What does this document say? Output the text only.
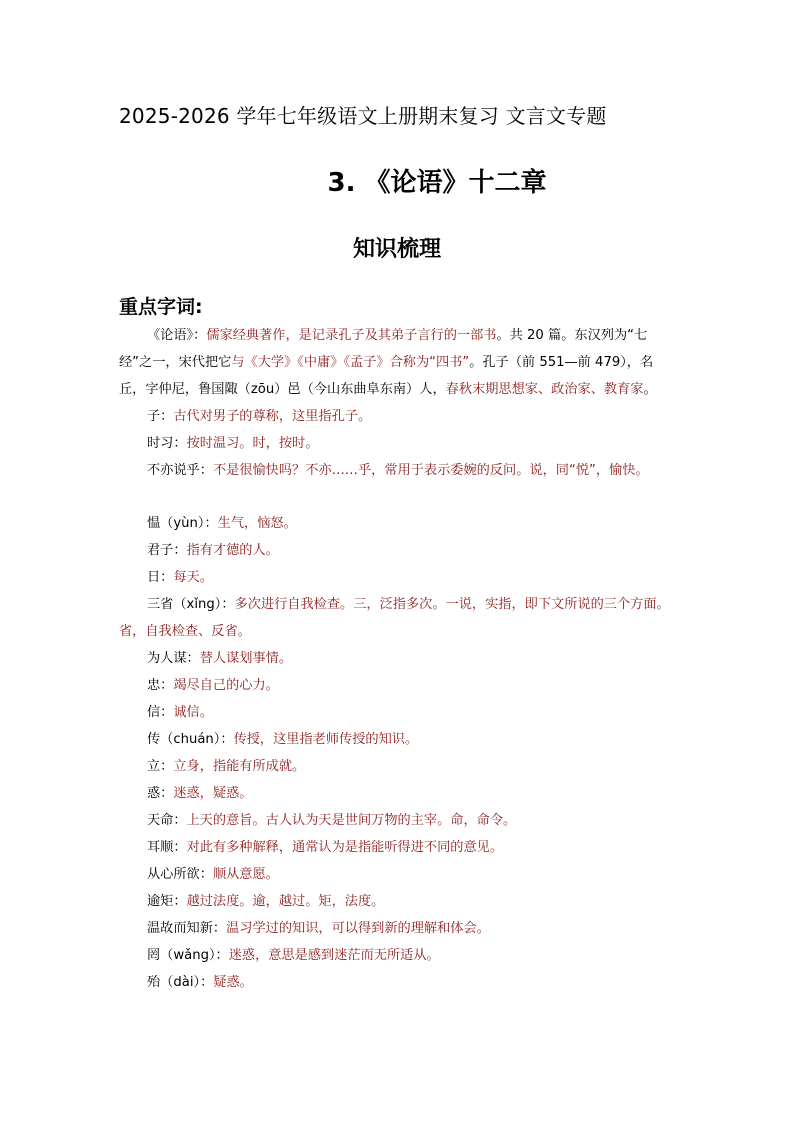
2025-2026 学年七年级语文上册期末复习 文言文专题
3. 《论语》十二章
知识梳理
重点字词:

《论语》：儒家经典著作，是记录孔子及其弟子言行的一部书。共 20 篇。东汉列为“七经”之一，宋代把它与《大学》《中庸》《孟子》合称为“四书”。孔子（前 551—前 479），名丘，字仲尼，鲁国陬（zōu）邑（今山东曲阜东南）人，春秋末期思想家、政治家、教育家。

子：古代对男子的尊称，这里指孔子。

时习：按时温习。时，按时。

不亦说乎：不是很愉快吗？不亦……乎，常用于表示委婉的反问。说，同“悦”，愉快。

愠（yùn）：生气，恼怒。

君子：指有才德的人。

日：每天。

三省（xǐng）：多次进行自我检查。三，泛指多次。一说，实指，即下文所说的三个方面。省，自我检查、反省。

为人谋：替人谋划事情。

忠：竭尽自己的心力。

信：诚信。

传（chuán）：传授，这里指老师传授的知识。

立：立身，指能有所成就。

惑：迷惑，疑惑。

天命：上天的意旨。古人认为天是世间万物的主宰。命，命令。

耳顺：对此有多种解释，通常认为是指能听得进不同的意见。

从心所欲：顺从意愿。

逾矩：越过法度。逾，越过。矩，法度。

温故而知新：温习学过的知识，可以得到新的理解和体会。

罔（wǎng）：迷惑，意思是感到迷茫而无所适从。

殆（dài）：疑惑。
